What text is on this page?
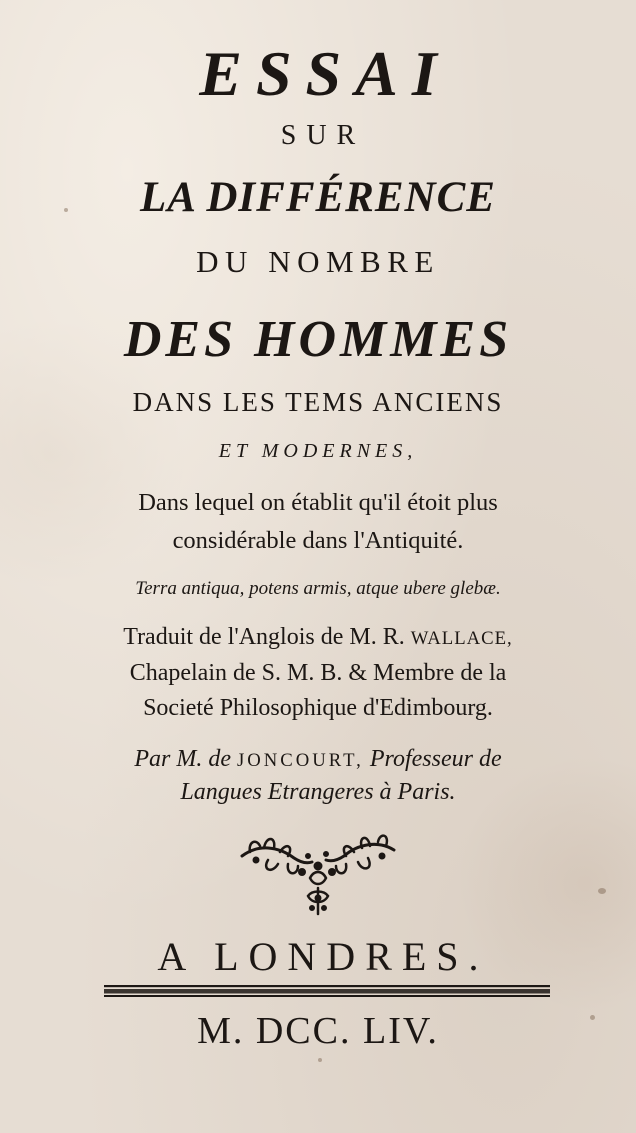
ESSAI
SUR
LA DIFFÉRENCE
DU NOMBRE
DES HOMMES
DANS LES TEMS ANCIENS
ET MODERNES,
Dans lequel on établit qu'il étoit plus
considérable dans l'Antiquité.
Terra antiqua, potens armis, atque ubere glebæ.
Traduit de l'Anglois de M. R. WALLACE,
Chapelain de S. M. B. & Membre de la
Societé Philosophique d'Edimbourg.
Par M. de JONCOURT, Professeur de
Langues Etrangeres à Paris.
A LONDRES.
M. DCC. LIV.
